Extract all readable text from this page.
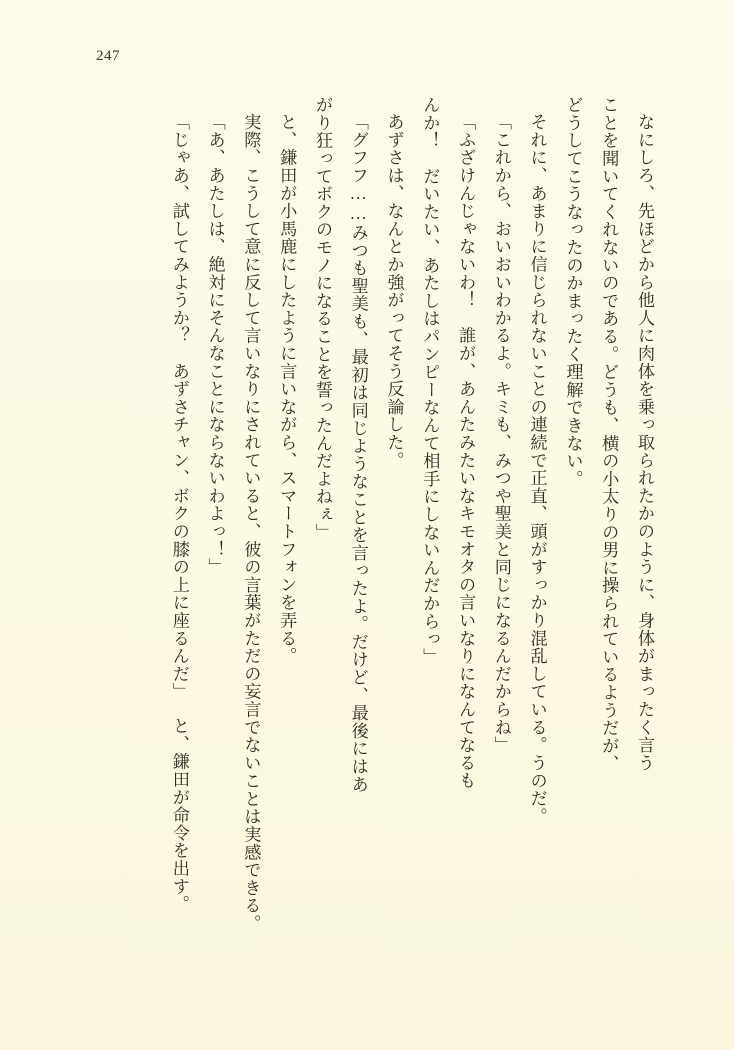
247
なにしろ、先ほどから他人に肉体を乗っ取られたかのように、身体がまったく言う
ことを聞いてくれないのである。どうも、横の小太りの男に操られているようだが、
どうしてこうなったのかまったく理解できない。
それに、あまりに信じられないことの連続で正直、頭がすっかり混乱している。
うのだ。
「これから、おいおいわかるよ。キミも、みつや聖美と同じになるんだからね」
「ふざけんじゃないわ！　誰が、あんたみたいなキモオタの言いなりになんてなるも
んか！　だいたい、あたしはパンピーなんて相手にしないんだからっ」
あずさは、なんとか強がってそう反論した。
「グフフ……みつも聖美も、最初は同じようなことを言ったよ。だけど、最後にはあ
がり狂ってボクのモノになることを誓ったんだよねぇ」
と、鎌田が小馬鹿にしたように言いながら、スマートフォンを弄る。
実際、こうして意に反して言いなりにされていると、彼の言葉がただの妄言でない
ことは実感できる。
「あ、あたしは、絶対にそんなことにならないわよっ！」
「じゃあ、試してみようか？　あずさチャン、ボクの膝の上に座るんだ」
と、鎌田が命令を出す。
